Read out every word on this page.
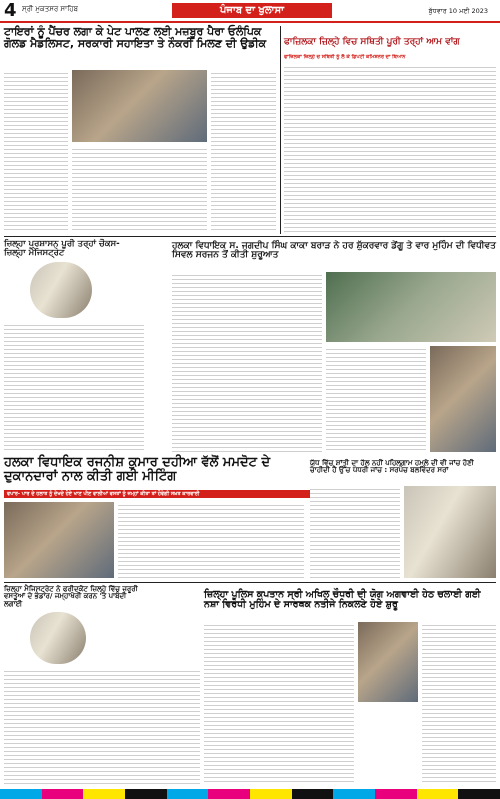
4 ਸ੍ਰੀ ਮੁਕਤਸਰ ਸਾਹਿਬ	ਪੰਜਾਬ ਦਾ ਖੁਲਾਸਾ	ਬੁੱਧਵਾਰ 10 ਮਈ 2023
ਟਾਇਰਾਂ ਨੂੰ ਪੈਂਚਰ ਲਗਾ ਕੇ ਪੇਟ ਪਾਲਣ ਲਈ ਮਜ਼ਬੂਰ ਪੈਰਾ ਓਲੰਪਿਕ ਗੋਲਡ ਮੈਡਲਿਸਟ, ਸਰਕਾਰੀ ਸਹਾਇਤਾ ਤੇ ਨੌਕਰੀ ਮਿਲਣ ਦੀ ਉਡੀਕ	ਫਾਜ਼ਿਲਕਾ ਜ਼ਿਲ੍ਹੇ ਵਿਚ ਸਥਿਤੀ ਪੂਰੀ ਤਰ੍ਹਾਂ ਆਮ ਵਾਂਗ
ਫਾਜ਼ਿਲਕਾ ਜ਼ਿਲ੍ਹੇ ਚ ਸਥਿਤੀ ਨੂੰ ਲੈ ਕੇ ਡਿਪਟੀ ਕਮਿਸ਼ਨਰ ਦਾ ਬਿਆਨ
ਜ਼ਿਲ੍ਹਾ ਪ੍ਰਸ਼ਾਸਨ ਪੂਰੀ ਤਰ੍ਹਾਂ ਚੌਕਸ- ਜ਼ਿਲ੍ਹਾ ਮੈਜਿਸਟ੍ਰੇਟ
ਹਲਕਾ ਵਿਧਾਇਕ ਸ. ਜਗਦੀਪ ਸਿੰਘ ਕਾਕਾ ਬਰਾੜ ਨੇ ਹਰ ਸ਼ੁੱਕਰਵਾਰ ਡੇਂਗੂ ਤੇ ਵਾਰ ਮੁਹਿੰਮ ਦੀ ਵਿਧੀਵਤ ਸਿਵਲ ਸਰਜਨ ਤੋਂ ਕੀਤੀ ਸ਼ੁਰੂਆਤ
ਹਲਕਾ ਵਿਧਾਇਕ ਰਜਨੀਸ਼ ਕੁਮਾਰ ਦਹੀਆ ਵੱਲੋਂ ਮਮਦੋਟ ਦੇ ਦੁਕਾਨਦਾਰਾਂ ਨਾਲ ਕੀਤੀ ਗਈ ਮੀਟਿੰਗ
ਵਪਾਰ- ਪਾਰ ਦੇ ਹਲਾਤ ਨੂੰ ਦੇਖਦੇ ਹੋਏ ਖਾਣ ਪੀਣ ਵਾਲੀਆਂ ਵਸਤਾਂ ਨੂੰ ਜਮ੍ਹਾਂ ਕੀਤਾ ਤਾਂ ਹੋਵੇਗੀ ਸਖ਼ਤ ਕਾਰਵਾਈ
ਯੁੱਧ ਵਿੱਚ ਸ਼ਾਂਤੀ ਦਾ ਹੱਲ ਨਹੀਂ ਪਹਿਲਗਾਮ ਹਮਲੇ ਦੀ ਵੀ ਜਾਂਚ ਹੋਣੀ ਚਾਹੀਦੀ ਹੈ ਉੱਚ ਪੱਧਰੀ ਜਾਂਚ : ਸਰਪੰਚ ਬਲਵਿੰਦਰ ਸਰਾਂ
ਜ਼ਿਲ੍ਹਾ ਮੈਜਿਸਟ੍ਰੇਟ ਨੇ ਫਰੀਦਕੋਟ ਜ਼ਿਲ੍ਹੇ ਵਿੱਚ ਜ਼ਰੂਰੀ ਵਸਤੂਆਂ ਦੇ ਭੰਡਾਰ/ ਜਮ੍ਹਾਖੋਰੀ ਕਰਨ 'ਤੇ ਪਾਬੰਦੀ ਲਗਾਈ
ਜ਼ਿਲ੍ਹਾ ਪੁਲਿਸ ਕਪਤਾਨ ਸ੍ਰੀ ਅਖਿਲ ਚੌਧਰੀ ਦੀ ਯੋਗ ਅਗਵਾਈ ਹੇਠ ਚਲਾਈ ਗਈ ਨਸ਼ਾ ਵਿਰੋਧੀ ਮੁਹਿੰਮ ਦੇ ਸਾਰਥਕ ਨਤੀਜੇ ਨਿਕਲਣੇ ਹੋਏ ਸ਼ੁਰੂ
